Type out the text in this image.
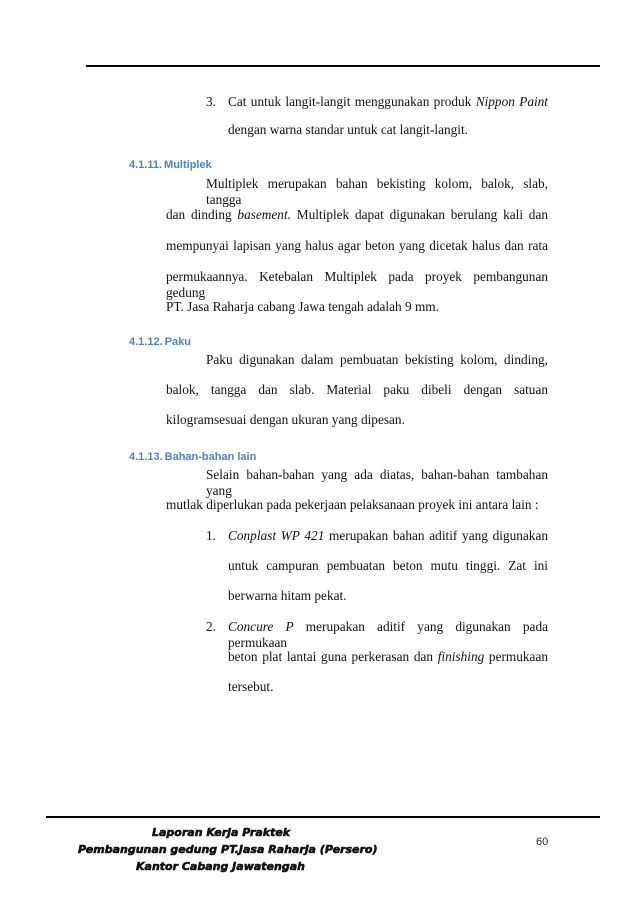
3. Cat untuk langit-langit menggunakan produk Nippon Paint
dengan warna standar untuk cat langit-langit.
4.1.11. Multiplek
Multiplek merupakan bahan bekisting kolom, balok, slab, tangga
dan dinding basement. Multiplek dapat digunakan berulang kali dan
mempunyai lapisan yang halus agar beton yang dicetak halus dan rata
permukaannya. Ketebalan Multiplek pada proyek pembangunan gedung
PT. Jasa Raharja cabang Jawa tengah adalah 9 mm.
4.1.12. Paku
Paku digunakan dalam pembuatan bekisting kolom, dinding,
balok, tangga dan slab. Material paku dibeli dengan satuan
kilogramsesuai dengan ukuran yang dipesan.
4.1.13. Bahan-bahan lain
Selain bahan-bahan yang ada diatas, bahan-bahan tambahan yang
mutlak diperlukan pada pekerjaan pelaksanaan proyek ini antara lain :
1. Conplast WP 421 merupakan bahan aditif yang digunakan
untuk campuran pembuatan beton mutu tinggi. Zat ini
berwarna hitam pekat.
2. Concure P merupakan aditif yang digunakan pada permukaan
beton plat lantai guna perkerasan dan finishing permukaan
tersebut.
Laporan Kerja Praktek
Pembangunan gedung PT.Jasa Raharja (Persero)
Kantor Cabang Jawatengah
60
